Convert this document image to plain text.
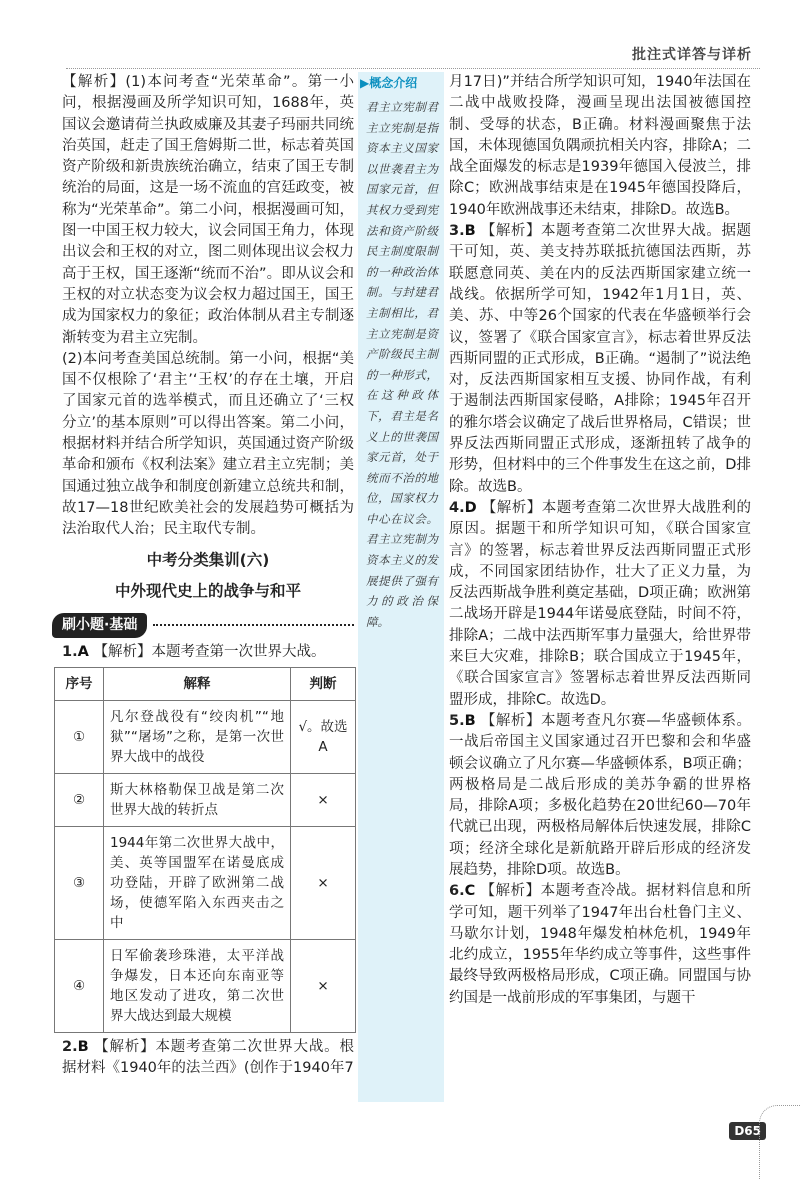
批注式详答与详析

【解析】(1)本问考查“光荣革命”。第一小问，根据漫画及所学知识可知，1688年，英国议会邀请荷兰执政威廉及其妻子玛丽共同统治英国，赶走了国王詹姆斯二世，标志着英国资产阶级和新贵族统治确立，结束了国王专制统治的局面，这是一场不流血的宫廷政变，被称为“光荣革命”。第二小问，根据漫画可知，图一中国王权力较大，议会同国王角力，体现出议会和王权的对立，图二则体现出议会权力高于王权，国王逐渐“统而不治”。即从议会和王权的对立状态变为议会权力超过国王，国王成为国家权力的象征；政治体制从君主专制逐渐转变为君主立宪制。

(2)本问考查美国总统制。第一小问，根据“美国不仅根除了‘君主’‘王权’的存在土壤，开启了国家元首的选举模式，而且还确立了‘三权分立’的基本原则”可以得出答案。第二小问，根据材料并结合所学知识，英国通过资产阶级革命和颁布《权利法案》建立君主立宪制；美国通过独立战争和制度创新建立总统共和制，故17—18世纪欧美社会的发展趋势可概括为法治取代人治；民主取代专制。

中考分类集训(六)
中外现代史上的战争与和平
刷小题·基础

1.A 【解析】本题考查第一次世界大战。

序号	解释	判断
①	凡尔登战役有“绞肉机”“地狱”“屠场”之称，是第一次世界大战中的战役	√。故选A
②	斯大林格勒保卫战是第二次世界大战的转折点	×
③	1944年第二次世界大战中，美、英等国盟军在诺曼底成功登陆，开辟了欧洲第二战场，使德军陷入东西夹击之中	×
④	日军偷袭珍珠港，太平洋战争爆发，日本还向东南亚等地区发动了进攻，第二次世界大战达到最大规模	×

2.B 【解析】本题考查第二次世界大战。根据材料《1940年的法兰西》(创作于1940年7

▶概念介绍
君主立宪制君主立宪制是指资本主义国家以世袭君主为国家元首，但其权力受到宪法和资产阶级民主制度限制的一种政治体制。与封建君主制相比，君主立宪制是资产阶级民主制的一种形式，在这种政体下，君主是名义上的世袭国家元首，处于统而不治的地位，国家权力中心在议会。君主立宪制为资本主义的发展提供了强有力的政治保障。

月17日)”并结合所学知识可知，1940年法国在二战中战败投降，漫画呈现出法国被德国控制、受辱的状态，B正确。材料漫画聚焦于法国，未体现德国负隅顽抗相关内容，排除A；二战全面爆发的标志是1939年德国入侵波兰，排除C；欧洲战事结束是在1945年德国投降后，1940年欧洲战事还未结束，排除D。故选B。

3.B 【解析】本题考查第二次世界大战。据题干可知，英、美支持苏联抵抗德国法西斯，苏联愿意同英、美在内的反法西斯国家建立统一战线。依据所学可知，1942年1月1日，英、美、苏、中等26个国家的代表在华盛顿举行会议，签署了《联合国家宣言》，标志着世界反法西斯同盟的正式形成，B正确。“遏制了”说法绝对，反法西斯国家相互支援、协同作战，有利于遏制法西斯国家侵略，A排除；1945年召开的雅尔塔会议确定了战后世界格局，C错误；世界反法西斯同盟正式形成，逐渐扭转了战争的形势，但材料中的三个件事发生在这之前，D排除。故选B。

4.D 【解析】本题考查第二次世界大战胜利的原因。据题干和所学知识可知，《联合国家宣言》的签署，标志着世界反法西斯同盟正式形成，不同国家团结协作，壮大了正义力量，为反法西斯战争胜利奠定基础，D项正确；欧洲第二战场开辟是1944年诺曼底登陆，时间不符，排除A；二战中法西斯军事力量强大，给世界带来巨大灾难，排除B；联合国成立于1945年，《联合国家宣言》签署标志着世界反法西斯同盟形成，排除C。故选D。

5.B 【解析】本题考查凡尔赛—华盛顿体系。一战后帝国主义国家通过召开巴黎和会和华盛顿会议确立了凡尔赛—华盛顿体系，B项正确；两极格局是二战后形成的美苏争霸的世界格局，排除A项；多极化趋势在20世纪60—70年代就已出现，两极格局解体后快速发展，排除C项；经济全球化是新航路开辟后形成的经济发展趋势，排除D项。故选B。

6.C 【解析】本题考查冷战。据材料信息和所学可知，题干列举了1947年出台杜鲁门主义、马歇尔计划，1948年爆发柏林危机，1949年北约成立，1955年华约成立等事件，这些事件最终导致两极格局形成，C项正确。同盟国与协约国是一战前形成的军事集团，与题干

D65
